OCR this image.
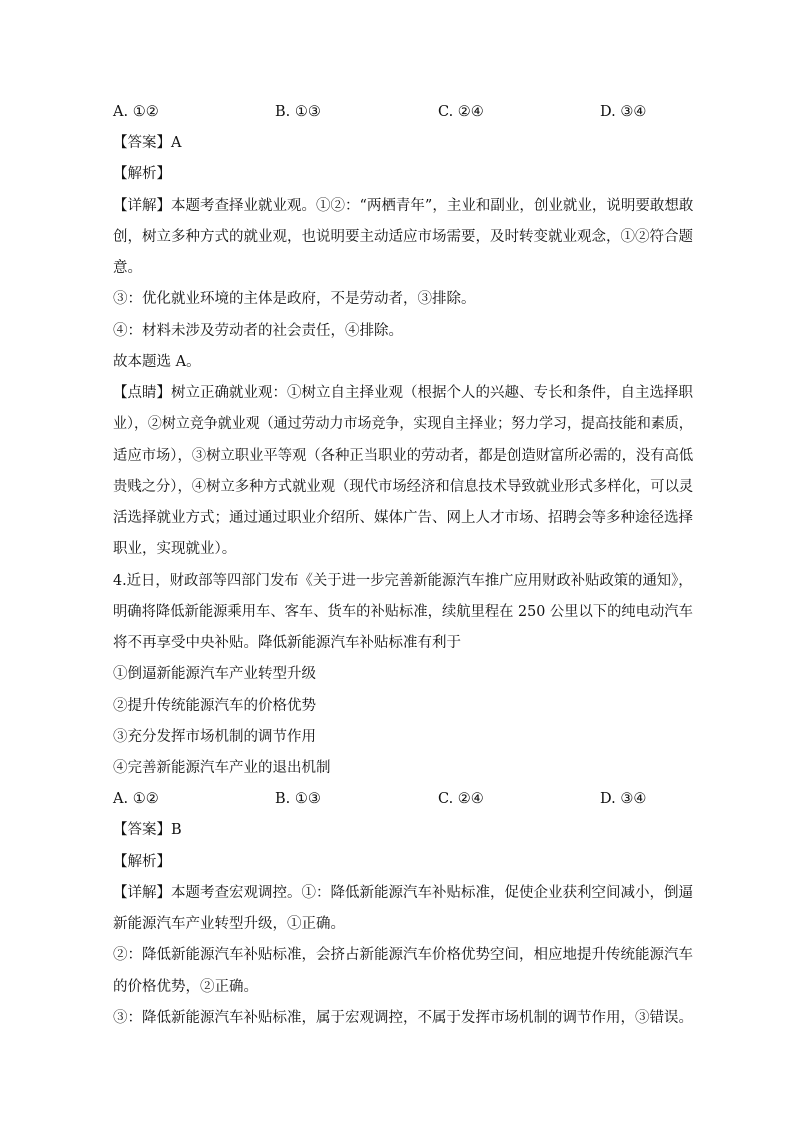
A. ①②	B. ①③	C. ②④	D. ③④
【答案】A
【解析】
【详解】本题考查择业就业观。①②：“两栖青年”，主业和副业，创业就业，说明要敢想敢
创，树立多种方式的就业观，也说明要主动适应市场需要，及时转变就业观念，①②符合题
意。
③：优化就业环境的主体是政府，不是劳动者，③排除。
④：材料未涉及劳动者的社会责任，④排除。
故本题选 A。
【点睛】树立正确就业观：①树立自主择业观（根据个人的兴趣、专长和条件，自主选择职
业），②树立竞争就业观（通过劳动力市场竞争，实现自主择业；努力学习，提高技能和素质，
适应市场），③树立职业平等观（各种正当职业的劳动者，都是创造财富所必需的，没有高低
贵贱之分），④树立多种方式就业观（现代市场经济和信息技术导致就业形式多样化，可以灵
活选择就业方式；通过通过职业介绍所、媒体广告、网上人才市场、招聘会等多种途径选择
职业，实现就业）。
4.近日，财政部等四部门发布《关于进一步完善新能源汽车推广应用财政补贴政策的通知》，
明确将降低新能源乘用车、客车、货车的补贴标准，续航里程在 250 公里以下的纯电动汽车
将不再享受中央补贴。降低新能源汽车补贴标准有利于
①倒逼新能源汽车产业转型升级
②提升传统能源汽车的价格优势
③充分发挥市场机制的调节作用
④完善新能源汽车产业的退出机制
A. ①②	B. ①③	C. ②④	D. ③④
【答案】B
【解析】
【详解】本题考查宏观调控。①：降低新能源汽车补贴标准，促使企业获利空间减小，倒逼
新能源汽车产业转型升级，①正确。
②：降低新能源汽车补贴标准，会挤占新能源汽车价格优势空间，相应地提升传统能源汽车
的价格优势，②正确。
③：降低新能源汽车补贴标准，属于宏观调控，不属于发挥市场机制的调节作用，③错误。
